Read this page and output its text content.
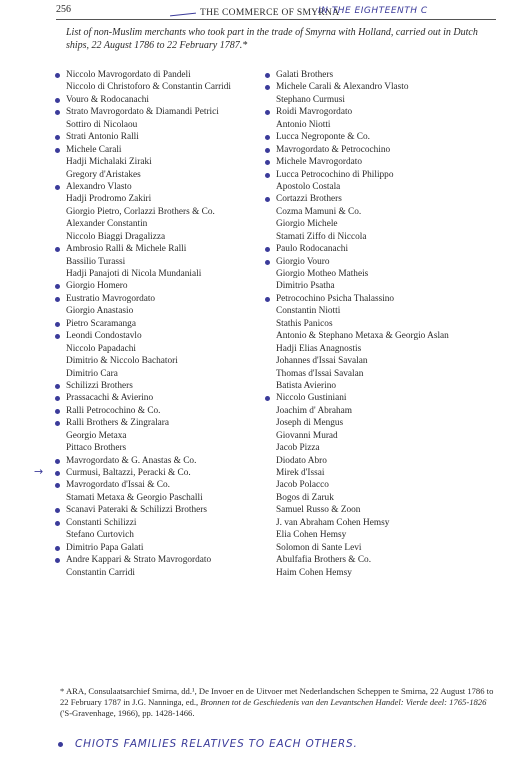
256	THE COMMERCE OF SMYRNA
IN THE EIGHTEENTH C
List of non-Muslim merchants who took part in the trade of Smyrna with Holland, carried out in Dutch ships, 22 August 1786 to 22 February 1787.*
Niccolo Mavrogordato di Pandeli
Niccolo di Christoforo & Constantin Carridi
Vouro & Rodocanachi
Strato Mavrogordato & Diamandi Petrici
Sottiro di Nicolaou
Strati Antonio Ralli
Michele Carali
Hadji Michalaki Ziraki
Gregory d'Aristakes
Alexandro Vlasto
Hadji Prodromo Zakiri
Giorgio Pietro, Corlazzi Brothers & Co.
Alexander Constantin
Niccolo Biaggi Dragalizza
Ambrosio Ralli & Michele Ralli
Bassilio Turassi
Hadji Panajoti di Nicola Mundaniali
Giorgio Homero
Eustratio Mavrogordato
Giorgio Anastasio
Pietro Scaramanga
Leondi Condostavlo
Niccolo Papadachi
Dimitrio & Niccolo Bachatori
Dimitrio Cara
Schilizzi Brothers
Prassacachi & Avierino
Ralli Petrocochino & Co.
Ralli Brothers & Zingralara
Georgio Metaxa
Pittaco Brothers
Mavrogordato & G. Anastas & Co.
→ Curmusi, Baltazzi, Peracki & Co.
Mavrogordato d'Issai & Co.
Stamati Metaxa & Georgio Paschalli
Scanavi Pateraki & Schilizzi Brothers
Constanti Schilizzi
Stefano Curtovich
Dimitrio Papa Galati
Andre Kappari & Strato Mavrogordato
Constantin Carridi
Galati Brothers
Michele Carali & Alexandro Vlasto
Stephano Curmusi
Roidi Mavrogordato
Antonio Niotti
Lucca Negroponte & Co.
Mavrogordato & Petrocochino
Michele Mavrogordato
Lucca Petrocochino di Philippo
Apostolo Costala
Cortazzi Brothers
Cozma Mamuni & Co.
Giorgio Michele
Stamati Ziffo di Niccola
Paulo Rodocanachi
Giorgio Vouro
Giorgio Motheo Matheis
Dimitrio Psatha
Petrocochino Psicha Thalassino
Constantin Niotti
Stathis Panicos
Antonio & Stephano Metaxa & Georgio Aslan
Hadji Elias Anagnostis
Johannes d'Issai Savalan
Thomas d'Issai Savalan
Batista Avierino
Niccolo Gustiniani
Joachim d' Abraham
Joseph di Mengus
Giovanni Murad
Jacob Pizza
Diodato Abro
Mirek d'Issai
Jacob Polacco
Bogos di Zaruk
Samuel Russo & Zoon
J. van Abraham Cohen Hemsy
Elia Cohen Hemsy
Solomon di Sante Levi
Abulfafia Brothers & Co.
Haim Cohen Hemsy
* ARA, Consulaatsarchief Smirna, dd.¹, De Invoer en de Uitvoer met Nederlandschen Scheppen te Smirna, 22 August 1786 to 22 February 1787 in J.G. Nanninga, ed., Bronnen tot de Geschiedenis van den Levantschen Handel: Vierde deel: 1765-1826 ('S-Gravenhage, 1966), pp. 1428-1466.
CHIOTS FAMILIES RELATIVES TO EACH OTHERS.
